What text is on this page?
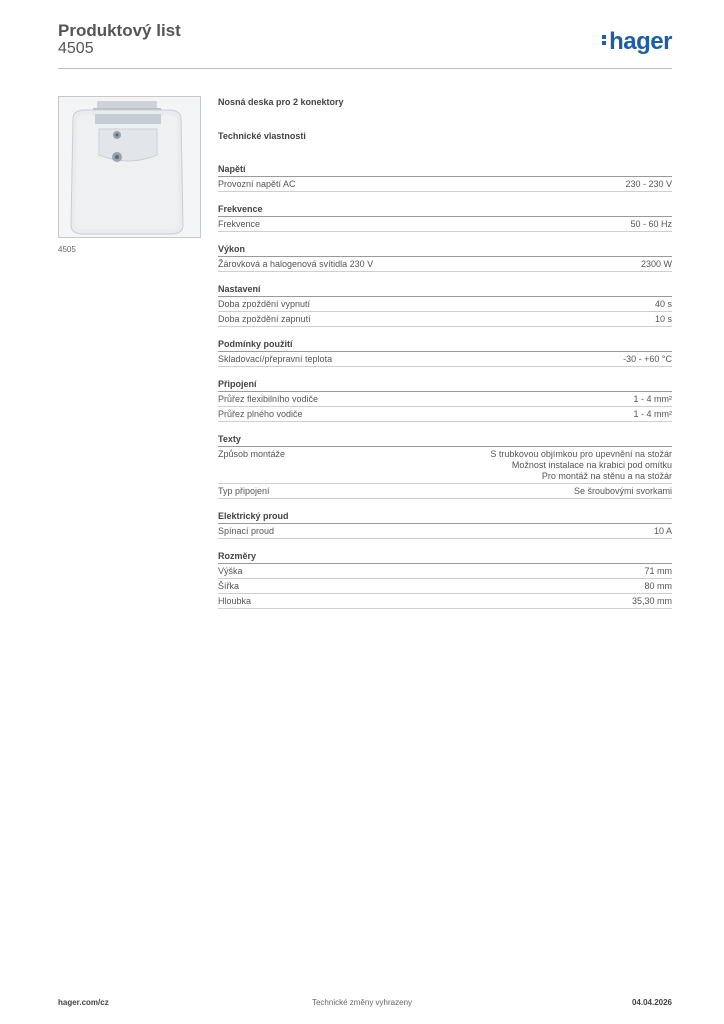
Produktový list
4505	hager
4505
Nosná deska pro 2 konektory
Technické vlastnosti
Napětí
Provozní napětí AC	230 - 230 V
Frekvence
Frekvence	50 - 60 Hz
Výkon
Žárovková a halogenová svítidla 230 V	2300 W
Nastavení
Doba zpoždění vypnutí	40 s
Doba zpoždění zapnutí	10 s
Podmínky použití
Skladovací/přepravní teplota	-30 - +60 °C
Připojení
Průřez flexibilního vodiče	1 - 4 mm²
Průřez plného vodiče	1 - 4 mm²
Texty
Způsob montáže	S trubkovou objímkou pro upevnění na stožár
Možnost instalace na krabici pod omítku
Pro montáž na stěnu a na stožár
Typ připojení	Se šroubovými svorkami
Elektrický proud
Spínací proud	10 A
Rozměry
Výška	71 mm
Šířka	80 mm
Hloubka	35,30 mm
hager.com/cz	Technické změny vyhrazeny	04.04.2026
